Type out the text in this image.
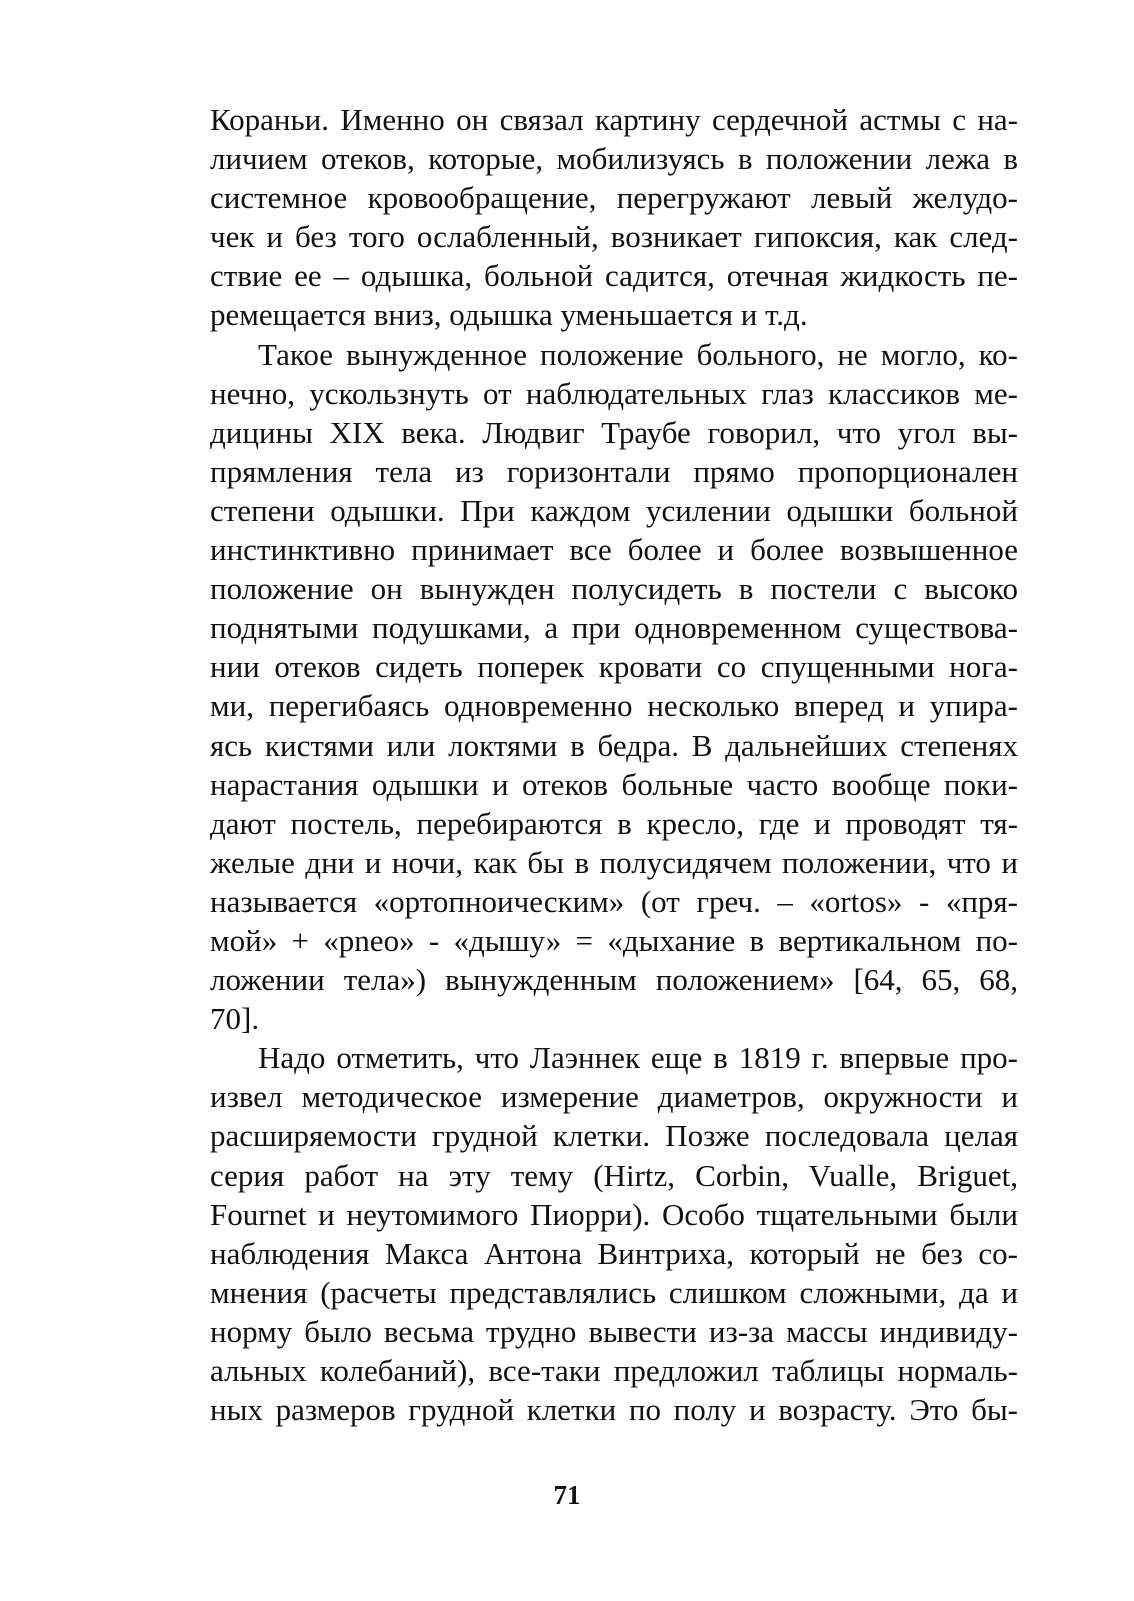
Кораньи. Именно он связал картину сердечной астмы с на-
личием отеков, которые, мобилизуясь в положении лежа в
системное кровообращение, перегружают левый желудо-
чек и без того ослабленный, возникает гипоксия, как след-
ствие ее – одышка, больной садится, отечная жидкость пе-
ремещается вниз, одышка уменьшается и т.д.
Такое вынужденное положение больного, не могло, ко-
нечно, ускользнуть от наблюдательных глаз классиков ме-
дицины XIX века. Людвиг Траубе говорил, что угол вы-
прямления тела из горизонтали прямо пропорционален
степени одышки. При каждом усилении одышки больной
инстинктивно принимает все более и более возвышенное
положение он вынужден полусидеть в постели с высоко
поднятыми подушками, а при одновременном существова-
нии отеков сидеть поперек кровати со спущенными нога-
ми, перегибаясь одновременно несколько вперед и упира-
ясь кистями или локтями в бедра. В дальнейших степенях
нарастания одышки и отеков больные часто вообще поки-
дают постель, перебираются в кресло, где и проводят тя-
желые дни и ночи, как бы в полусидячем положении, что и
называется «ортопноическим» (от греч. – «ortos» - «пря-
мой» + «pnеo» - «дышу» = «дыхание в вертикальном по-
ложении тела») вынужденным положением» [64, 65, 68,
70].
Надо отметить, что Лаэннек еще в 1819 г. впервые про-
извел методическое измерение диаметров, окружности и
расширяемости грудной клетки. Позже последовала целая
серия работ на эту тему (Hirtz, Corbin, Vualle, Briguet,
Fournet и неутомимого Пиорри). Особо тщательными были
наблюдения Макса Антона Винтриха, который не без со-
мнения (расчеты представлялись слишком сложными, да и
норму было весьма трудно вывести из-за массы индивиду-
альных колебаний), все-таки предложил таблицы нормаль-
ных размеров грудной клетки по полу и возрасту. Это бы-
71
